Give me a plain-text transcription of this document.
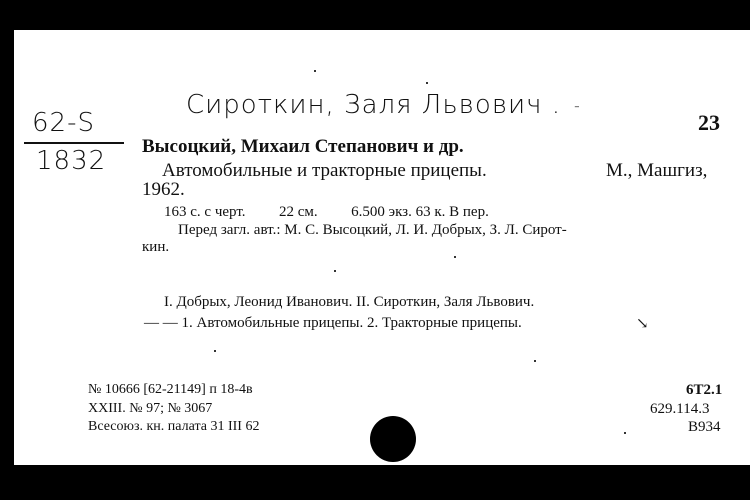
62-S
1832
Сироткин, Заля Львович . -
23
Высоцкий, Михаил Степанович и др.
Автомобильные и тракторные прицепы.	М., Машгиз,
1962.
163 с. с черт. 22 см. 6.500 экз. 63 к. В пер.
Перед загл. авт.: М. С. Высоцкий, Л. И. Добрых, З. Л. Сирот-
кин.
I. Добрых, Леонид Иванович. II. Сироткин, Заля Львович.
— — 1. Автомобильные прицепы. 2. Тракторные прицепы.	↘
№ 10666 [62-21149] п 18-4в
XXIII. № 97; № 3067
Всесоюз. кн. палата 31 III 62
6Т2.1
629.114.3
В934
